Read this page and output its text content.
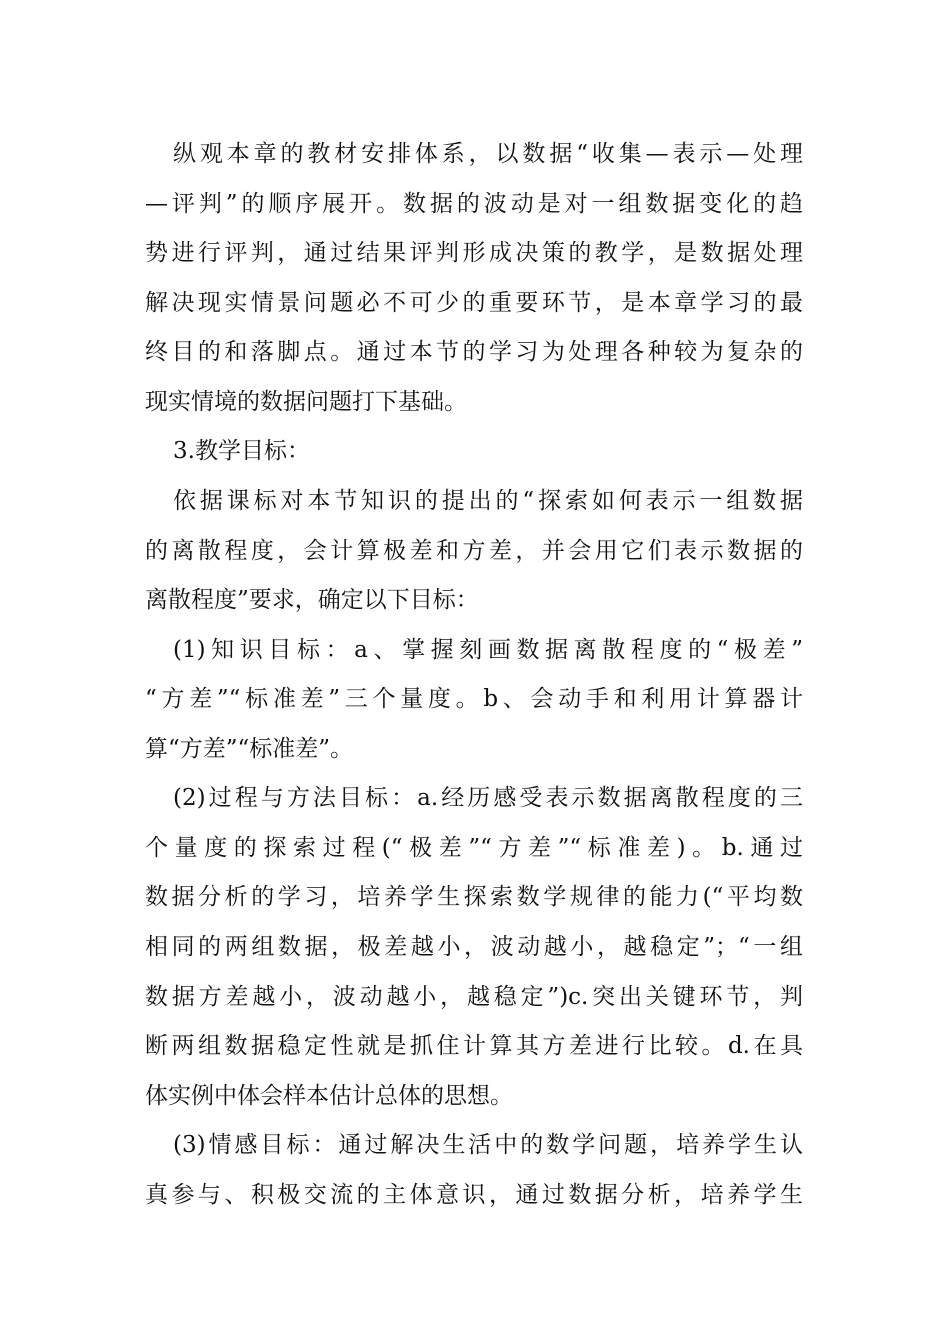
纵观本章的教材安排体系，以数据“收集—表示—处理
—评判”的顺序展开。数据的波动是对一组数据变化的趋
势进行评判，通过结果评判形成决策的教学，是数据处理
解决现实情景问题必不可少的重要环节，是本章学习的最
终目的和落脚点。通过本节的学习为处理各种较为复杂的
现实情境的数据问题打下基础。
3.教学目标：
依据课标对本节知识的提出的“探索如何表示一组数据
的离散程度，会计算极差和方差，并会用它们表示数据的
离散程度”要求，确定以下目标：
(1)知识目标：a、掌握刻画数据离散程度的“极差”
“方差”“标准差”三个量度。b、会动手和利用计算器计
算“方差”“标准差”。
(2)过程与方法目标：a.经历感受表示数据离散程度的三
个量度的探索过程(“极差”“方差”“标准差)。b.通过
数据分析的学习，培养学生探索数学规律的能力(“平均数
相同的两组数据，极差越小，波动越小，越稳定”；“一组
数据方差越小，波动越小，越稳定”)c.突出关键环节，判
断两组数据稳定性就是抓住计算其方差进行比较。d.在具
体实例中体会样本估计总体的思想。
(3)情感目标：通过解决生活中的数学问题，培养学生认
真参与、积极交流的主体意识，通过数据分析，培养学生
